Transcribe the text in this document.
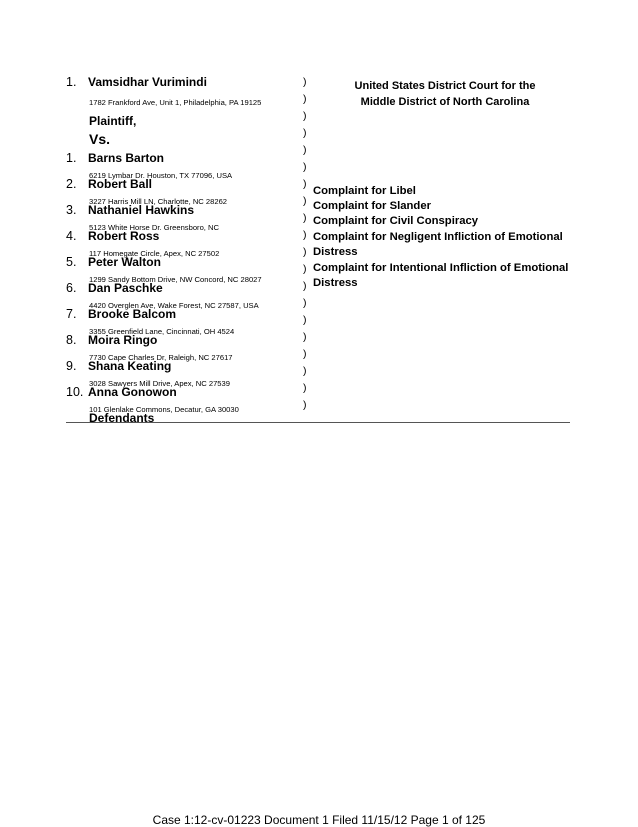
1. Vamsidhar Vurimindi
1782 Frankford Ave, Unit 1, Philadelphia, PA 19125
Plaintiff,
Vs.
1. Barns Barton
6219 Lymbar Dr. Houston, TX 77096, USA
2. Robert Ball
3227 Harris Mill LN, Charlotte, NC 28262
3. Nathaniel Hawkins
5123 White Horse Dr. Greensboro, NC
4. Robert Ross
117 Homegate Circle, Apex, NC 27502
5. Peter Walton
1299 Sandy Bottom Drive, NW Concord, NC 28027
6. Dan Paschke
4420 Overglen Ave, Wake Forest, NC 27587, USA
7. Brooke Balcom
3355 Greenfield Lane, Cincinnati, OH 4524
8. Moira Ringo
7730 Cape Charles Dr, Raleigh, NC 27617
9. Shana Keating
3028 Sawyers Mill Drive, Apex, NC 27539
10. Anna Gonowon
101 Glenlake Commons, Decatur, GA 30030
Defendants
)
)
)
)
)
)
)
)
)
)
)
)
)
)
)
)
)
)
)
)
United States District Court for the
Middle District of North Carolina
Complaint for Libel
Complaint for Slander
Complaint for Civil Conspiracy
Complaint for Negligent Infliction of Emotional
Distress
Complaint for Intentional Infliction of Emotional
Distress
Case 1:12-cv-01223 Document 1 Filed 11/15/12 Page 1 of 125
